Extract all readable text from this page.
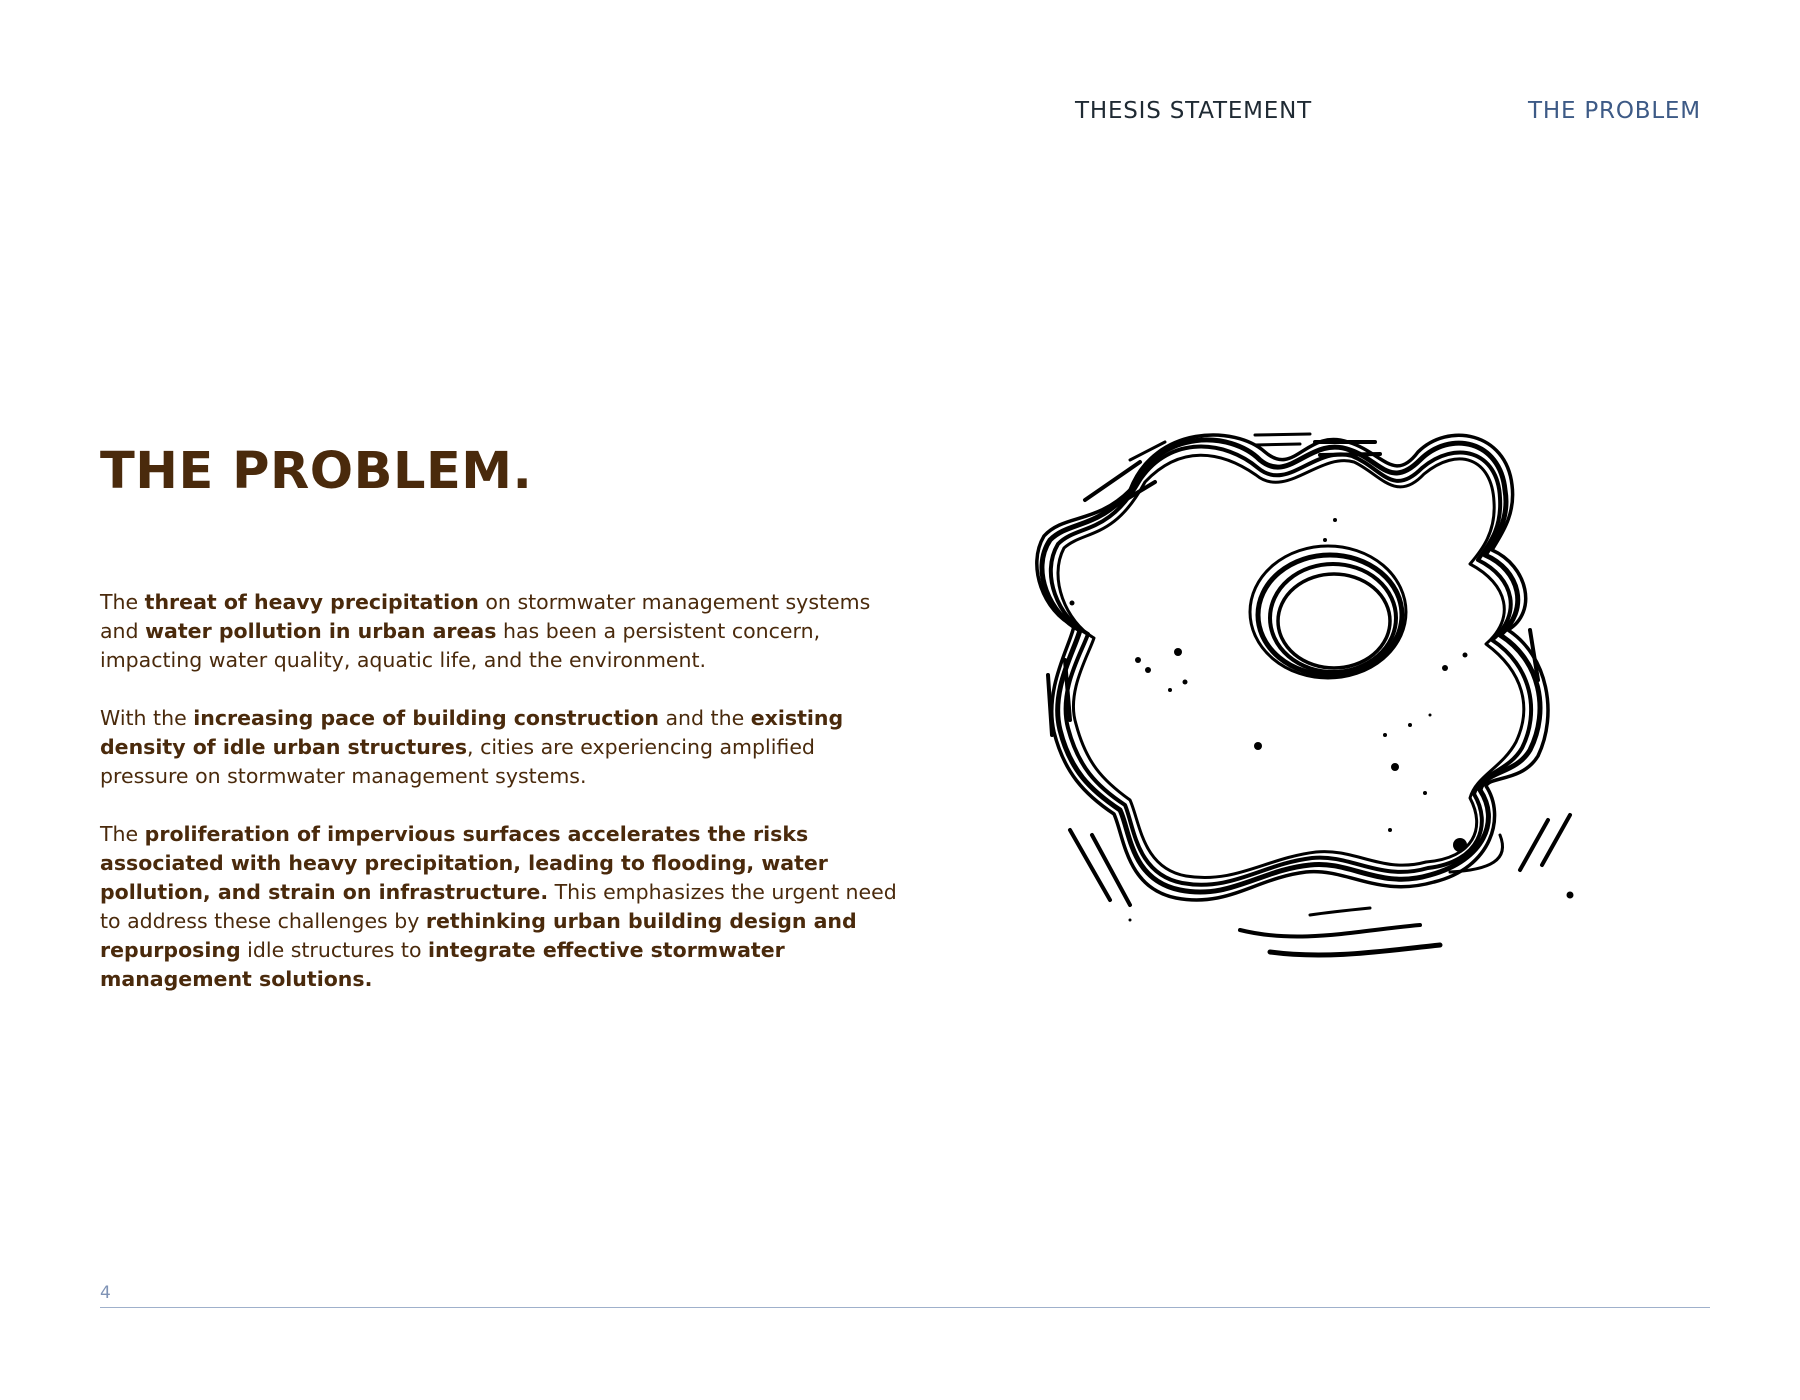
THESIS STATEMENT	THE PROBLEM
THE PROBLEM.

The threat of heavy precipitation on stormwater management systems and water pollution in urban areas has been a persistent concern, impacting water quality, aquatic life, and the environment.

With the increasing pace of building construction and the existing density of idle urban structures, cities are experiencing amplified pressure on stormwater management systems.

The proliferation of impervious surfaces accelerates the risks associated with heavy precipitation, leading to flooding, water pollution, and strain on infrastructure. This emphasizes the urgent need to address these challenges by rethinking urban building design and repurposing idle structures to integrate effective stormwater management solutions.

4
